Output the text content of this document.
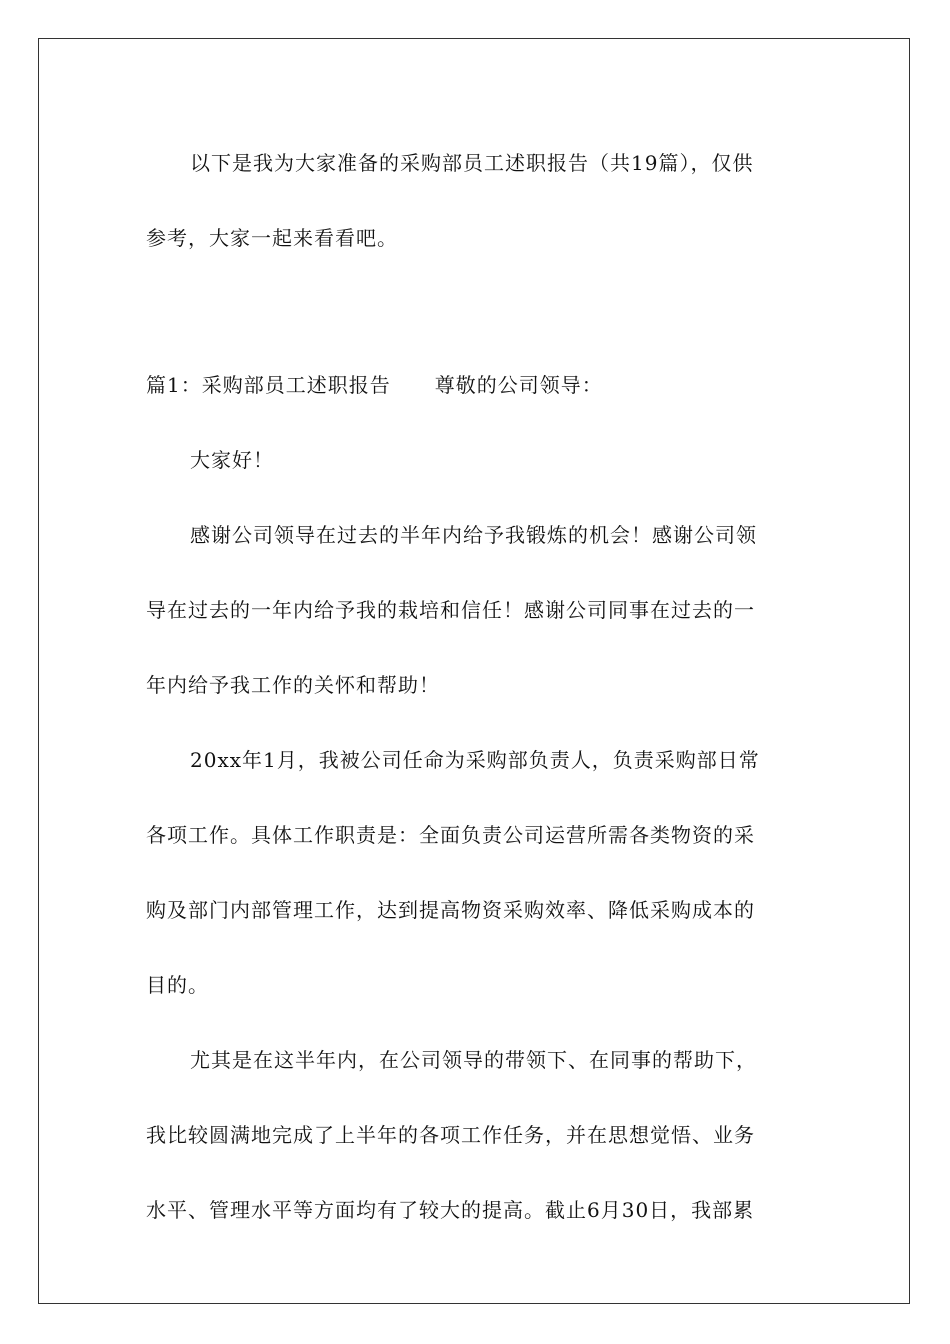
以下是我为大家准备的采购部员工述职报告（共19篇），仅供
参考，大家一起来看看吧。
篇1：采购部员工述职报告 尊敬的公司领导：
大家好！
感谢公司领导在过去的半年内给予我锻炼的机会！感谢公司领
导在过去的一年内给予我的栽培和信任！感谢公司同事在过去的一
年内给予我工作的关怀和帮助！
20xx年1月，我被公司任命为采购部负责人，负责采购部日常
各项工作。具体工作职责是：全面负责公司运营所需各类物资的采
购及部门内部管理工作，达到提高物资采购效率、降低采购成本的
目的。
尤其是在这半年内，在公司领导的带领下、在同事的帮助下，
我比较圆满地完成了上半年的各项工作任务，并在思想觉悟、业务
水平、管理水平等方面均有了较大的提高。截止6月30日，我部累
